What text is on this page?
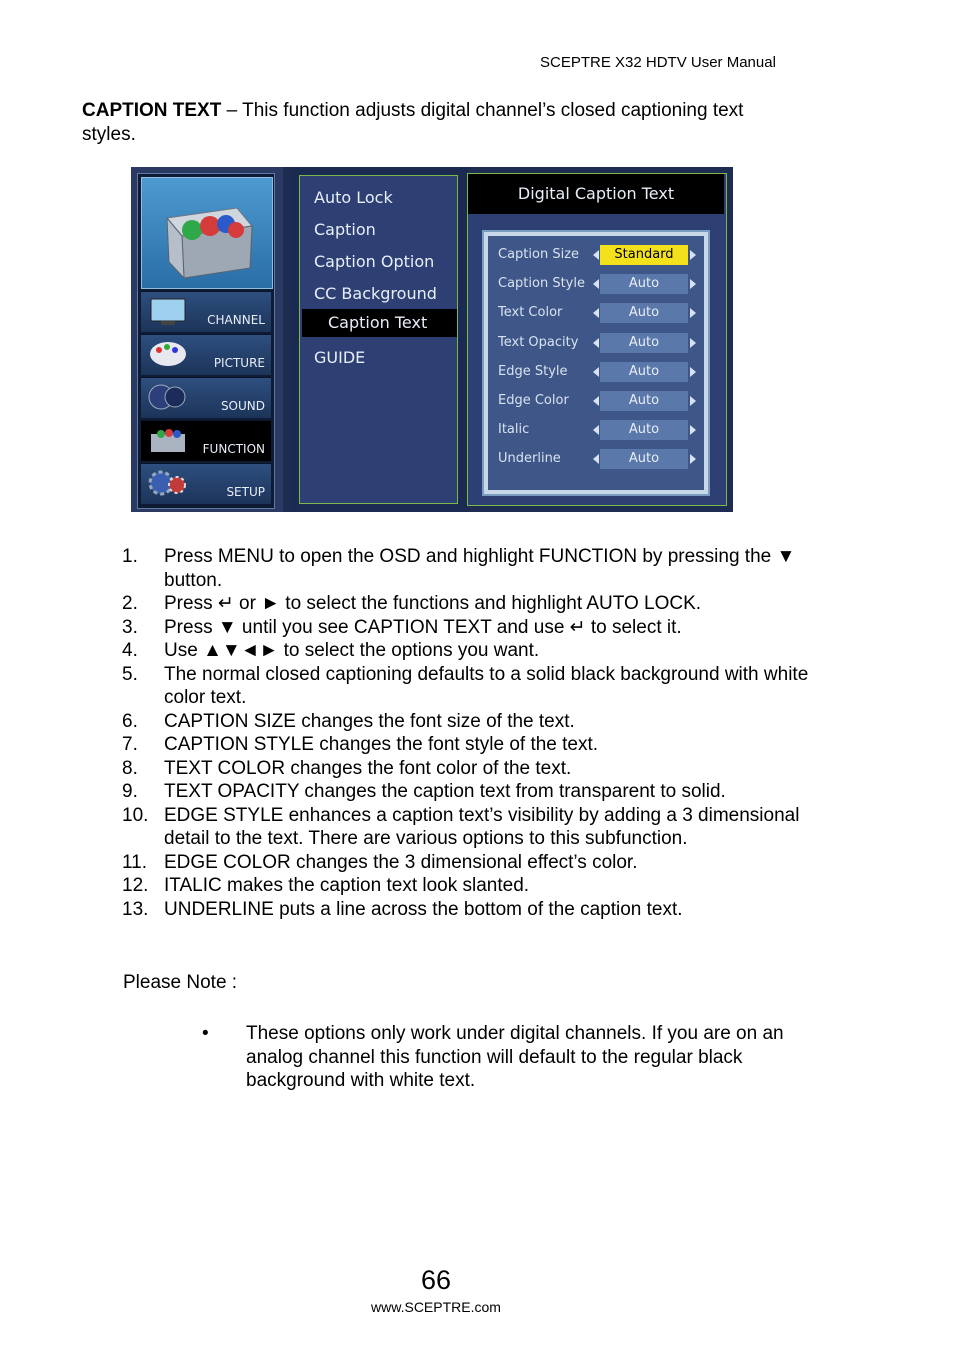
SCEPTRE X32 HDTV User Manual
CAPTION TEXT – This function adjusts digital channel’s closed captioning text styles.
CHANNEL
PICTURE
SOUND
FUNCTION
SETUP
Auto Lock
Caption
Caption Option
CC Background
Caption Text
GUIDE
Digital Caption Text
Caption Size	Standard
Caption Style	Auto
Text Color	Auto
Text Opacity	Auto
Edge Style	Auto
Edge Color	Auto
Italic	Auto
Underline	Auto
1. Press MENU to open the OSD and highlight FUNCTION by pressing the ▼ button.
2. Press ↵ or ► to select the functions and highlight AUTO LOCK.
3. Press ▼ until you see CAPTION TEXT and use ↵ to select it.
4. Use ▲▼◄► to select the options you want.
5. The normal closed captioning defaults to a solid black background with white color text.
6. CAPTION SIZE changes the font size of the text.
7. CAPTION STYLE changes the font style of the text.
8. TEXT COLOR changes the font color of the text.
9. TEXT OPACITY changes the caption text from transparent to solid.
10. EDGE STYLE enhances a caption text’s visibility by adding a 3 dimensional detail to the text. There are various options to this subfunction.
11. EDGE COLOR changes the 3 dimensional effect’s color.
12. ITALIC makes the caption text look slanted.
13. UNDERLINE puts a line across the bottom of the caption text.
Please Note :
• These options only work under digital channels. If you are on an analog channel this function will default to the regular black background with white text.
66
www.SCEPTRE.com
